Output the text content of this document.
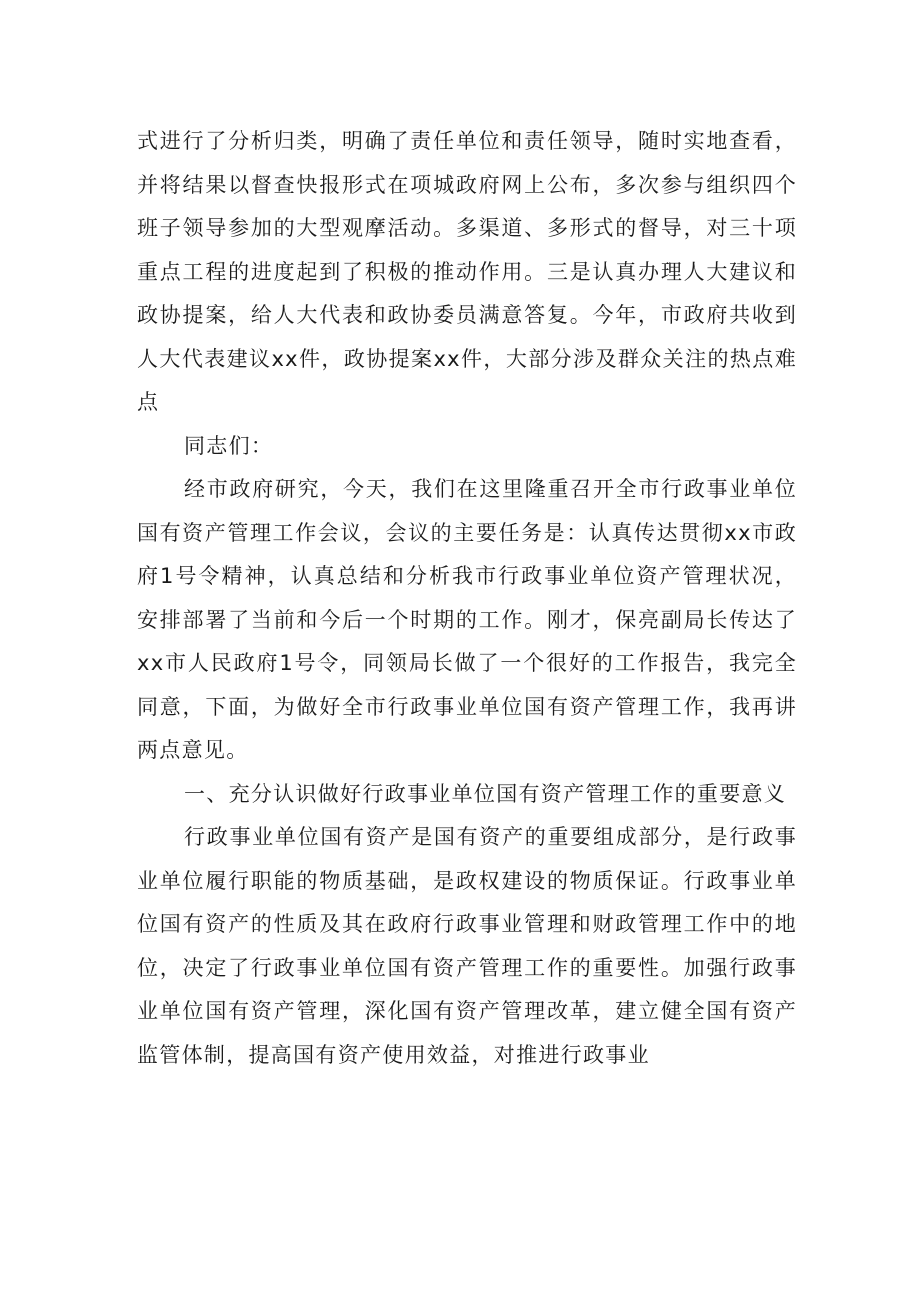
式进行了分析归类，明确了责任单位和责任领导，随时实地查看，并将结果以督查快报形式在项城政府网上公布，多次参与组织四个班子领导参加的大型观摩活动。多渠道、多形式的督导，对三十项重点工程的进度起到了积极的推动作用。三是认真办理人大建议和政协提案，给人大代表和政协委员满意答复。今年，市政府共收到人大代表建议xx件，政协提案xx件，大部分涉及群众关注的热点难点

同志们：

经市政府研究，今天，我们在这里隆重召开全市行政事业单位国有资产管理工作会议，会议的主要任务是：认真传达贯彻xx市政府1号令精神，认真总结和分析我市行政事业单位资产管理状况，安排部署了当前和今后一个时期的工作。刚才，保亮副局长传达了xx市人民政府1号令，同领局长做了一个很好的工作报告，我完全同意，下面，为做好全市行政事业单位国有资产管理工作，我再讲两点意见。

一、充分认识做好行政事业单位国有资产管理工作的重要意义

行政事业单位国有资产是国有资产的重要组成部分，是行政事业单位履行职能的物质基础，是政权建设的物质保证。行政事业单位国有资产的性质及其在政府行政事业管理和财政管理工作中的地位，决定了行政事业单位国有资产管理工作的重要性。加强行政事业单位国有资产管理，深化国有资产管理改革，建立健全国有资产监管体制，提高国有资产使用效益，对推进行政事业
